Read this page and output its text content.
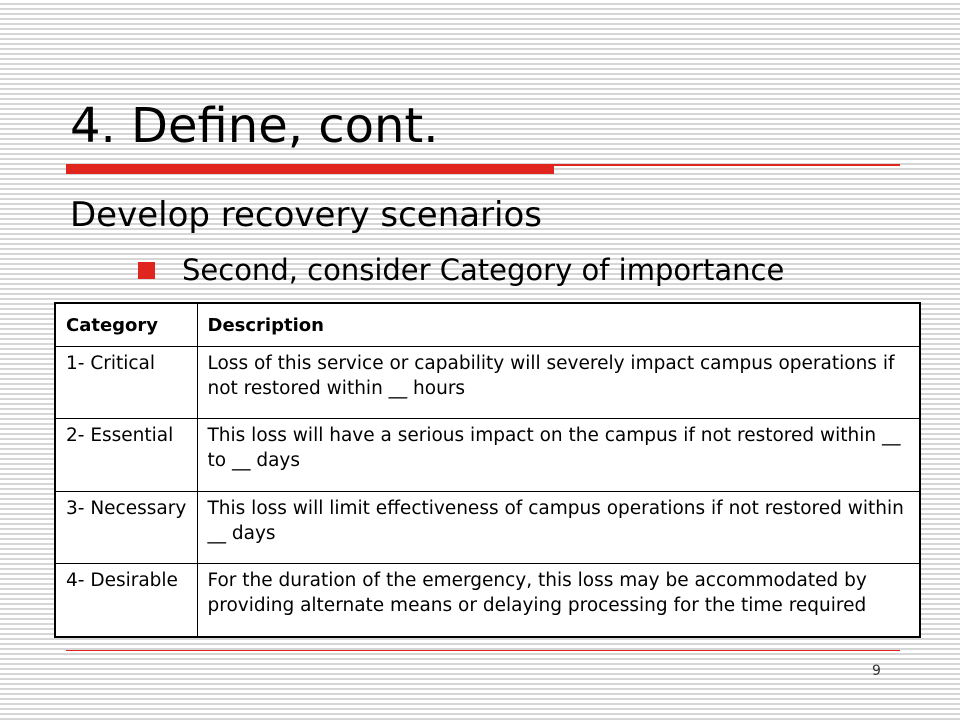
4. Define, cont.
Develop recovery scenarios
Second, consider Category of importance
Category	Description
1- Critical	Loss of this service or capability will severely impact campus operations if not restored within __ hours
2- Essential	This loss will have a serious impact on the campus if not restored within __ to __ days
3- Necessary	This loss will limit effectiveness of campus operations if not restored within __ days
4- Desirable	For the duration of the emergency, this loss may be accommodated by providing alternate means or delaying processing for the time required
9
